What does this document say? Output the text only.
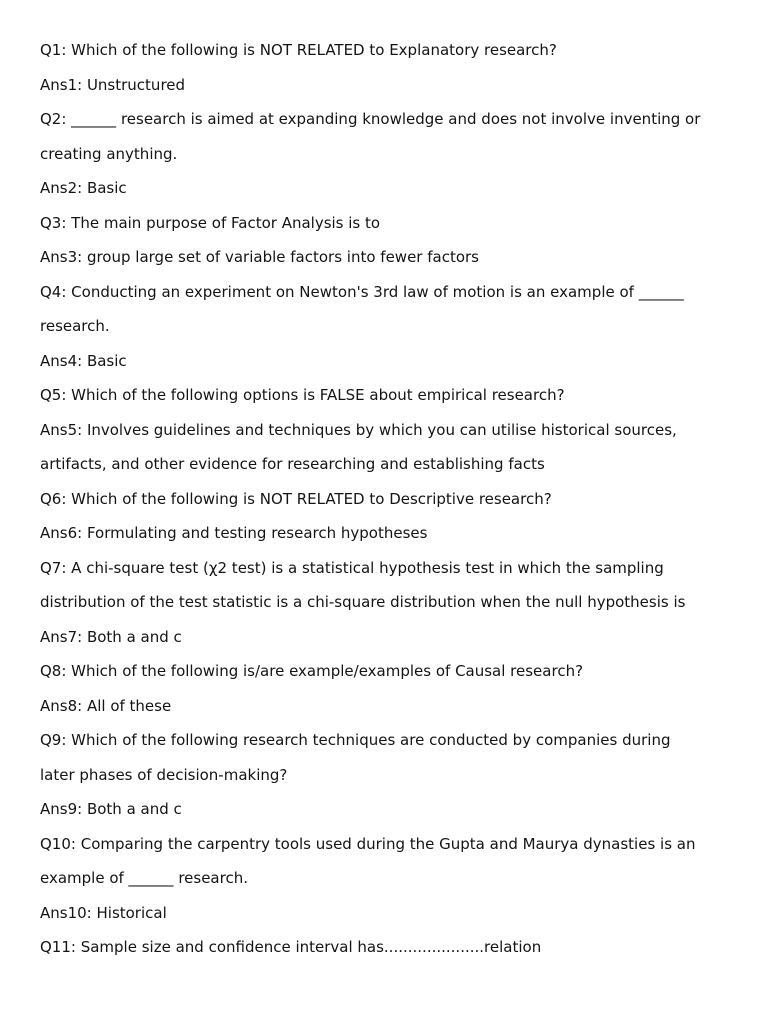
Q1: Which of the following is NOT RELATED to Explanatory research?

Ans1: Unstructured

Q2: ______ research is aimed at expanding knowledge and does not involve inventing or

creating anything.

Ans2: Basic

Q3: The main purpose of Factor Analysis is to

Ans3: group large set of variable factors into fewer factors

Q4: Conducting an experiment on Newton's 3rd law of motion is an example of ______

research.

Ans4: Basic

Q5: Which of the following options is FALSE about empirical research?

Ans5: Involves guidelines and techniques by which you can utilise historical sources,

artifacts, and other evidence for researching and establishing facts

Q6: Which of the following is NOT RELATED to Descriptive research?

Ans6: Formulating and testing research hypotheses

Q7: A chi-square test (χ2 test) is a statistical hypothesis test in which the sampling

distribution of the test statistic is a chi-square distribution when the null hypothesis is

Ans7: Both a and c

Q8: Which of the following is/are example/examples of Causal research?

Ans8: All of these

Q9: Which of the following research techniques are conducted by companies during

later phases of decision-making?

Ans9: Both a and c

Q10: Comparing the carpentry tools used during the Gupta and Maurya dynasties is an

example of ______ research.

Ans10: Historical

Q11: Sample size and confidence interval has.....................relation
